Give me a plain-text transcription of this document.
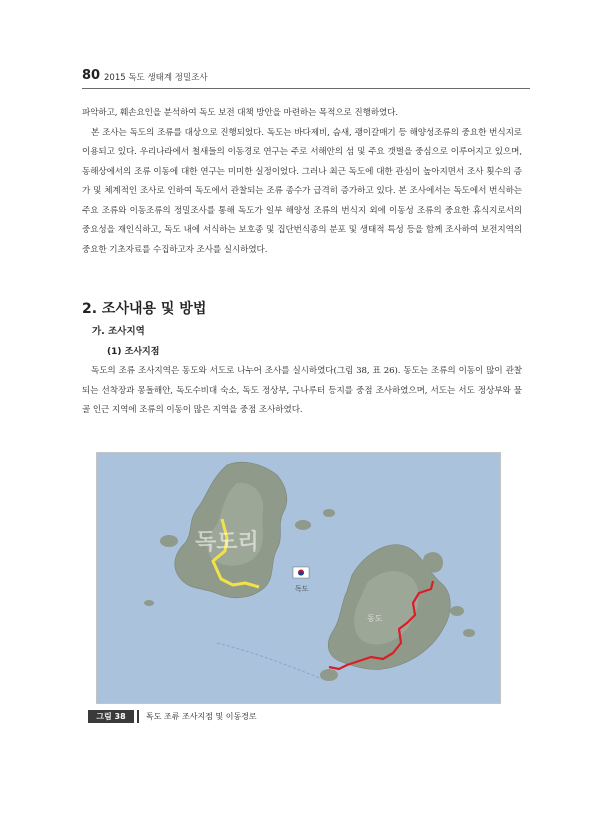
80 2015 독도 생태계 정밀조사

파악하고, 훼손요인을 분석하여 독도 보전 대책 방안을 마련하는 목적으로 진행하였다.

본 조사는 독도의 조류를 대상으로 진행되었다. 독도는 바다제비, 슴새, 괭이갈매기 등 해양성조류의 중요한 번식지로 이용되고 있다. 우리나라에서 철새들의 이동경로 연구는 주로 서해안의 섬 및 주요 갯벌을 중심으로 이루어지고 있으며, 동해상에서의 조류 이동에 대한 연구는 미미한 실정이었다. 그러나 최근 독도에 대한 관심이 높아지면서 조사 횟수의 증가 및 체계적인 조사로 인하여 독도에서 관찰되는 조류 종수가 급격히 증가하고 있다. 본 조사에서는 독도에서 번식하는 주요 조류와 이동조류의 정밀조사를 통해 독도가 일부 해양성 조류의 번식지 외에 이동성 조류의 중요한 휴식지로서의 중요성을 재인식하고, 독도 내에 서식하는 보호종 및 집단번식종의 분포 및 생태적 특성 등을 함께 조사하여 보전지역의 중요한 기초자료를 수집하고자 조사를 실시하였다.

2. 조사내용 및 방법
가. 조사지역
(1) 조사지점

독도의 조류 조사지역은 동도와 서도로 나누어 조사를 실시하였다(그림 38, 표 26). 동도는 조류의 이동이 많이 관찰되는 선착장과 몽돌해안, 독도수비대 숙소, 독도 정상부, 구나루터 등지를 중점 조사하였으며, 서도는 서도 정상부와 물골 인근 지역에 조류의 이동이 많은 지역을 중점 조사하였다.

독도리
독도
동도
그림 38	독도 조류 조사지점 및 이동경로
